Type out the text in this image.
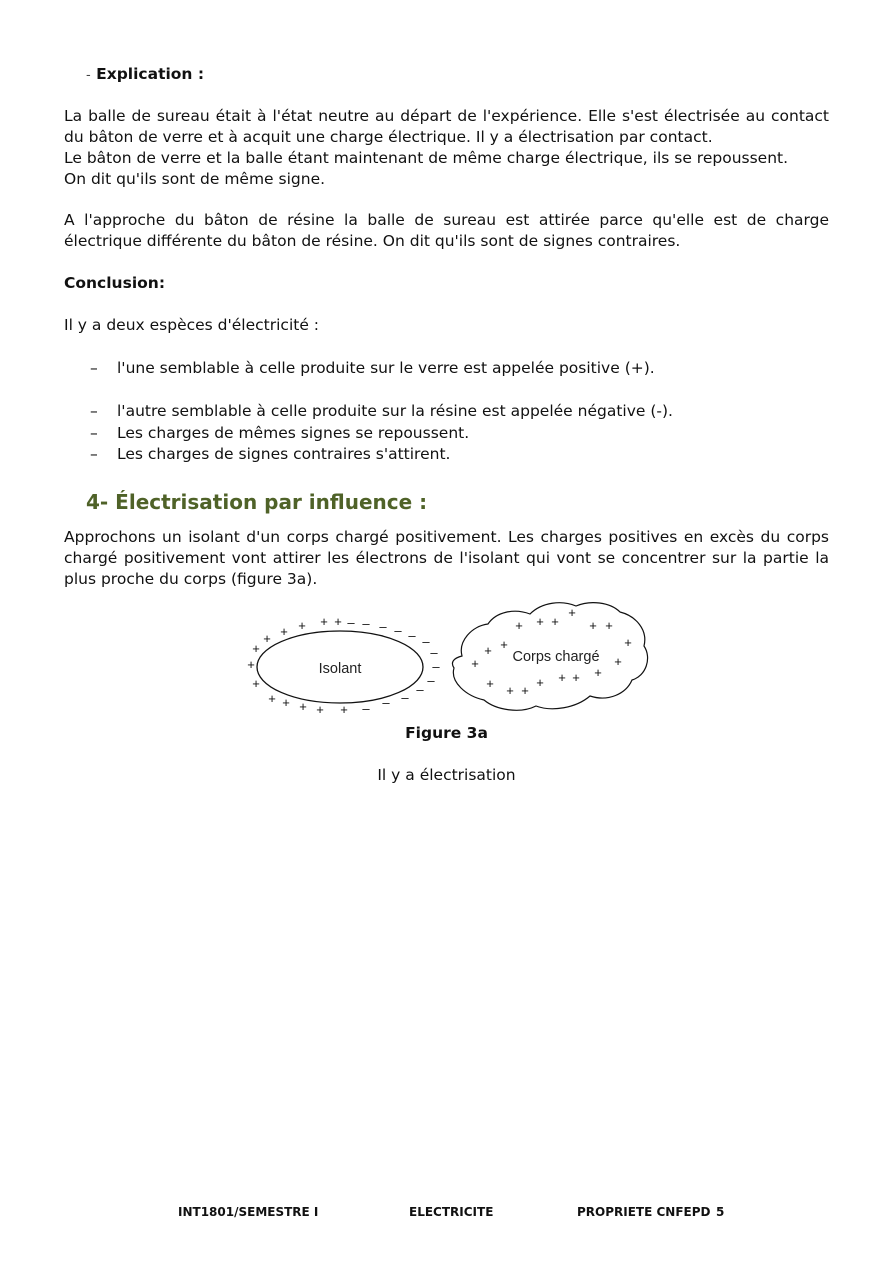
- Explication :

La balle de sureau était à l'état neutre au départ de l'expérience. Elle s'est électrisée au contact du bâton de verre et à acquit une charge électrique. Il y a électrisation par contact.

Le bâton de verre et la balle étant maintenant de même charge électrique, ils se repoussent.

On dit qu'ils sont de même signe.

A l'approche du bâton de résine la balle de sureau est attirée parce qu'elle est de charge électrique différente du bâton de résine. On dit qu'ils sont de signes contraires.

Conclusion:

Il y a deux espèces d'électricité :

– l'une semblable à celle produite sur le verre est appelée positive (+).
– l'autre semblable à celle produite sur la résine est appelée négative (-).
– Les charges de mêmes signes se repoussent.
– Les charges de signes contraires s'attirent.
4- Électrisation par influence :

Approchons un isolant d'un corps chargé positivement. Les charges positives en excès du corps chargé positivement vont attirer les électrons de l'isolant qui vont se concentrer sur la partie la plus proche du corps (figure 3a).

Isolant
Corps chargé
+
+
+
+ + + + +
+ + + + +
+ + +
+
+ +
+
+
+
+
+
+
+
+
+
+
+
+
– – – – – –
–
–
–
–
–
–
–
Figure 3a
Il y a électrisation
INT1801/SEMESTRE I	ELECTRICITE	PROPRIETE CNFEPD 5
